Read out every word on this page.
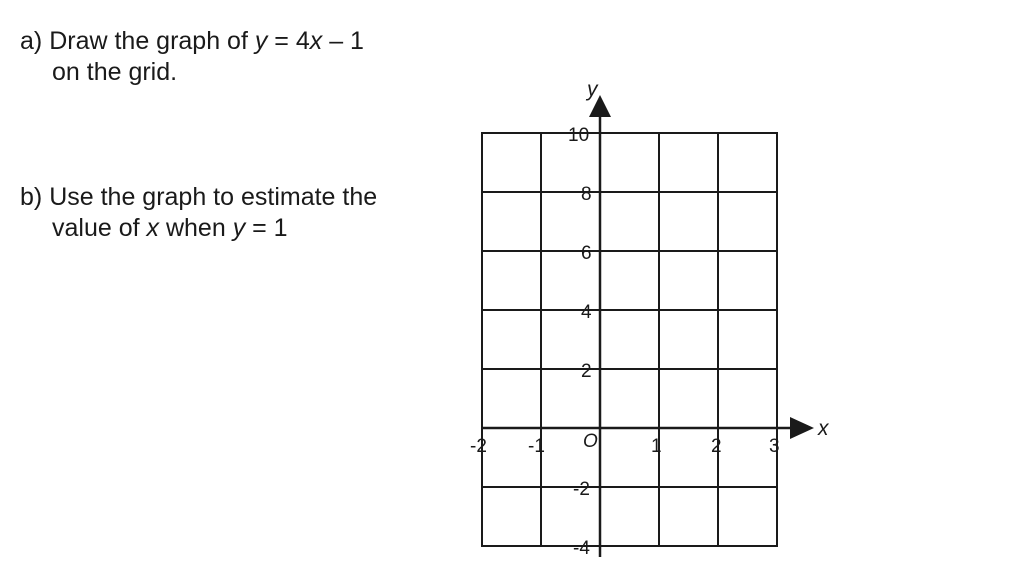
a) Draw the graph of y = 4x – 1
on the grid.
b) Use the graph to estimate the
value of x when y = 1
y
x
O
-2 -1	1	2 3
10
8
6
4
2
-2
-4
